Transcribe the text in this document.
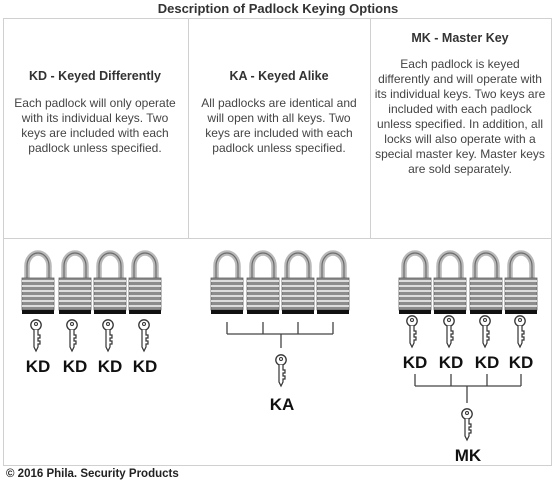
Description of Padlock Keying Options
KD - Keyed Differently

Each padlock will only operate with its individual keys. Two keys are included with each padlock unless specified.

KA - Keyed Alike

All padlocks are identical and will open with all keys. Two keys are included with each padlock unless specified.

MK - Master Key

Each padlock is keyed differently and will operate with its individual keys. Two keys are included with each padlock unless specified. In addition, all locks will also operate with a special master key. Master keys are sold separately.

KD KD KD KD
KA
KD KD KD KD
MK
© 2016 Phila. Security Products
